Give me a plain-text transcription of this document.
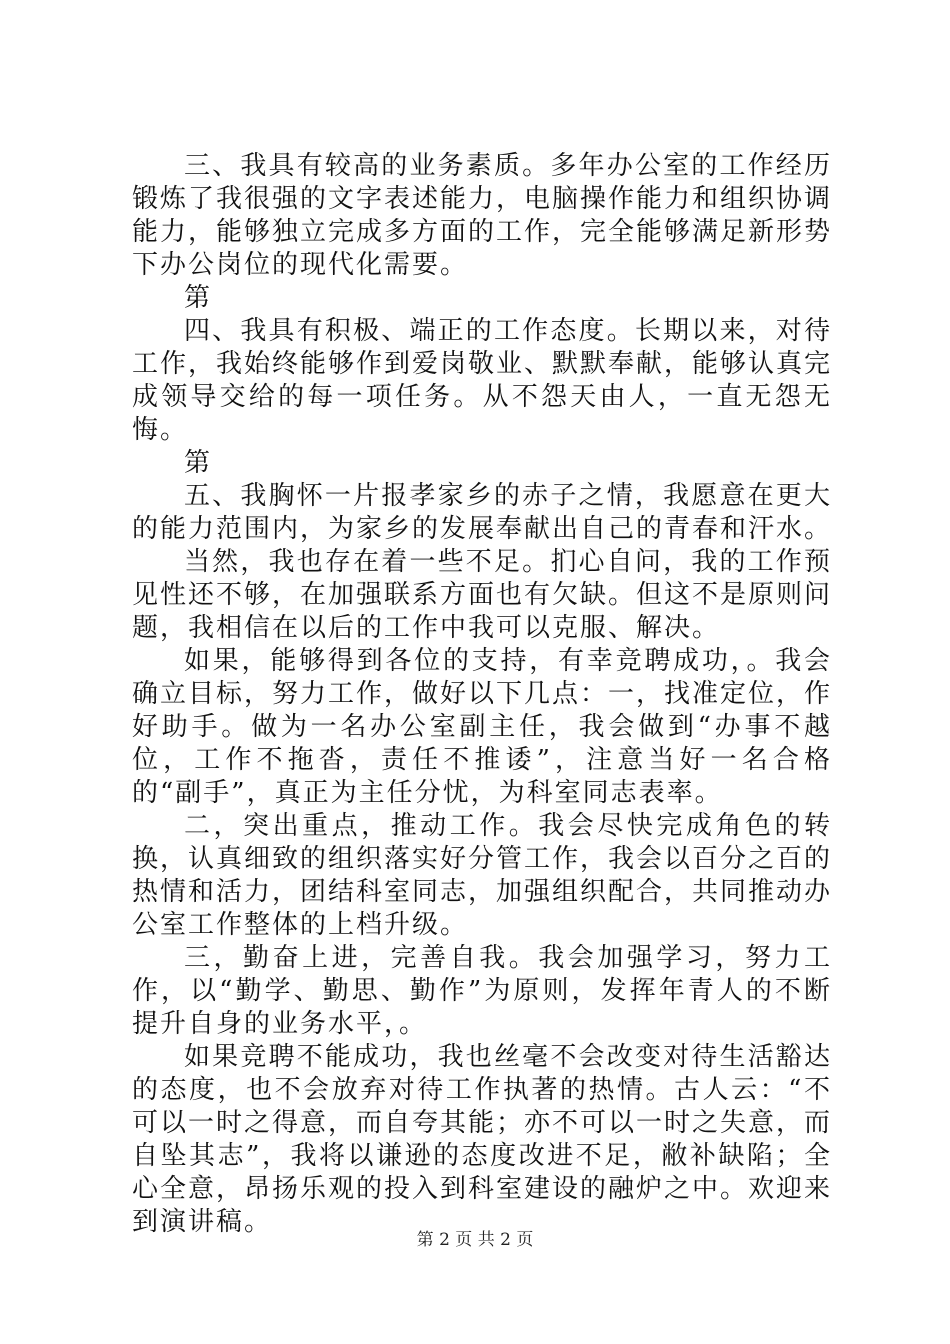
三、我具有较高的业务素质。多年办公室的工作经历锻炼了我很强的文字表述能力，电脑操作能力和组织协调能力，能够独立完成多方面的工作，完全能够满足新形势下办公岗位的现代化需要。

第

四、我具有积极、端正的工作态度。长期以来，对待工作，我始终能够作到爱岗敬业、默默奉献，能够认真完成领导交给的每一项任务。从不怨天由人，一直无怨无悔。

第

五、我胸怀一片报孝家乡的赤子之情，我愿意在更大的能力范围内，为家乡的发展奉献出自己的青春和汗水。

当然，我也存在着一些不足。扪心自问，我的工作预见性还不够，在加强联系方面也有欠缺。但这不是原则问题，我相信在以后的工作中我可以克服、解决。

如果，能够得到各位的支持，有幸竞聘成功，。我会确立目标，努力工作，做好以下几点：一，找准定位，作好助手。做为一名办公室副主任，我会做到“办事不越位，工作不拖沓，责任不推诿”，注意当好一名合格的“副手”，真正为主任分忧，为科室同志表率。

二，突出重点，推动工作。我会尽快完成角色的转换，认真细致的组织落实好分管工作，我会以百分之百的热情和活力，团结科室同志，加强组织配合，共同推动办公室工作整体的上档升级。

三，勤奋上进，完善自我。我会加强学习，努力工作，以“勤学、勤思、勤作”为原则，发挥年青人的不断提升自身的业务水平，。

如果竞聘不能成功，我也丝毫不会改变对待生活豁达的态度，也不会放弃对待工作执著的热情。古人云：“不可以一时之得意，而自夸其能；亦不可以一时之失意，而自坠其志”，我将以谦逊的态度改进不足，敝补缺陷；全心全意，昂扬乐观的投入到科室建设的融炉之中。欢迎来到演讲稿。

第 2 页 共 2 页
